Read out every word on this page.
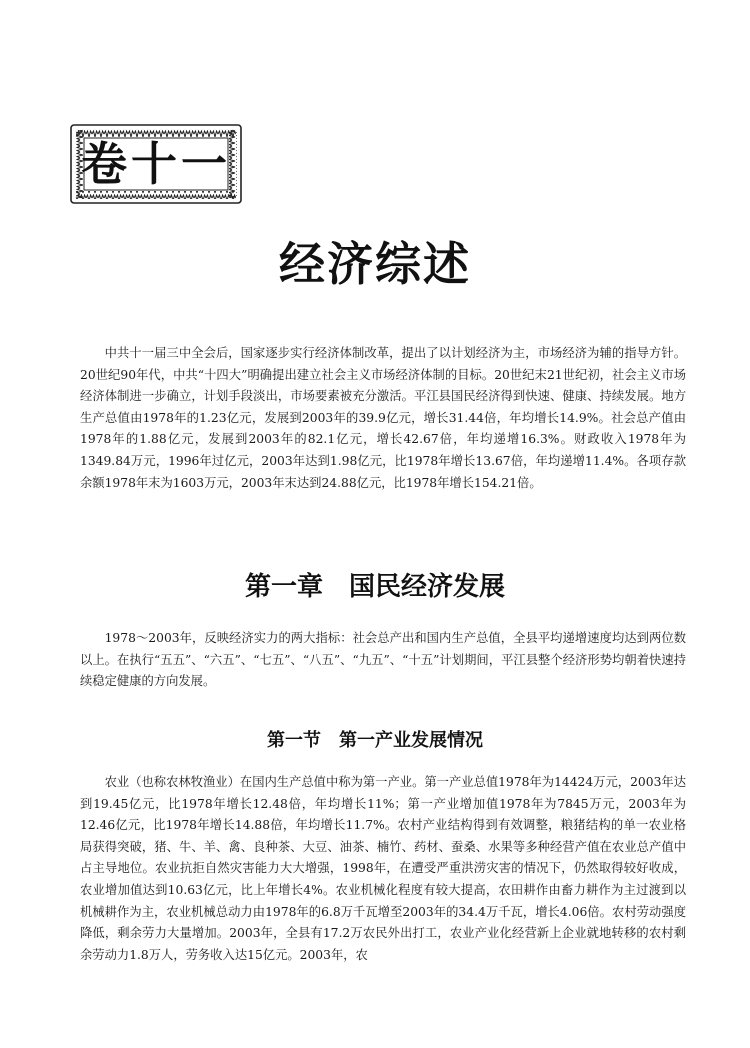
卷十一
经济综述

中共十一届三中全会后，国家逐步实行经济体制改革，提出了以计划经济为主，市场经济为辅的指导方针。20世纪90年代，中共“十四大”明确提出建立社会主义市场经济体制的目标。20世纪末21世纪初，社会主义市场经济体制进一步确立，计划手段淡出，市场要素被充分激活。平江县国民经济得到快速、健康、持续发展。地方生产总值由1978年的1.23亿元，发展到2003年的39.9亿元，增长31.44倍，年均增长14.9%。社会总产值由1978年的1.88亿元，发展到2003年的82.1亿元，增长42.67倍，年均递增16.3%。财政收入1978年为1349.84万元，1996年过亿元，2003年达到1.98亿元，比1978年增长13.67倍，年均递增11.4%。各项存款余额1978年末为1603万元，2003年末达到24.88亿元，比1978年增长154.21倍。

第一章　国民经济发展

1978～2003年，反映经济实力的两大指标：社会总产出和国内生产总值，全县平均递增速度均达到两位数以上。在执行“五五”、“六五”、“七五”、“八五”、“九五”、“十五”计划期间，平江县整个经济形势均朝着快速持续稳定健康的方向发展。

第一节　第一产业发展情况

农业（也称农林牧渔业）在国内生产总值中称为第一产业。第一产业总值1978年为14424万元，2003年达到19.45亿元，比1978年增长12.48倍，年均增长11%；第一产业增加值1978年为7845万元，2003年为12.46亿元，比1978年增长14.88倍，年均增长11.7%。农村产业结构得到有效调整，粮猪结构的单一农业格局获得突破，猪、牛、羊、禽、良种茶、大豆、油茶、楠竹、药材、蚕桑、水果等多种经营产值在农业总产值中占主导地位。农业抗拒自然灾害能力大大增强，1998年，在遭受严重洪涝灾害的情况下，仍然取得较好收成，农业增加值达到10.63亿元，比上年增长4%。农业机械化程度有较大提高，农田耕作由畜力耕作为主过渡到以机械耕作为主，农业机械总动力由1978年的6.8万千瓦增至2003年的34.4万千瓦，增长4.06倍。农村劳动强度降低，剩余劳力大量增加。2003年，全县有17.2万农民外出打工，农业产业化经营新上企业就地转移的农村剩余劳动力1.8万人，劳务收入达15亿元。2003年，农
